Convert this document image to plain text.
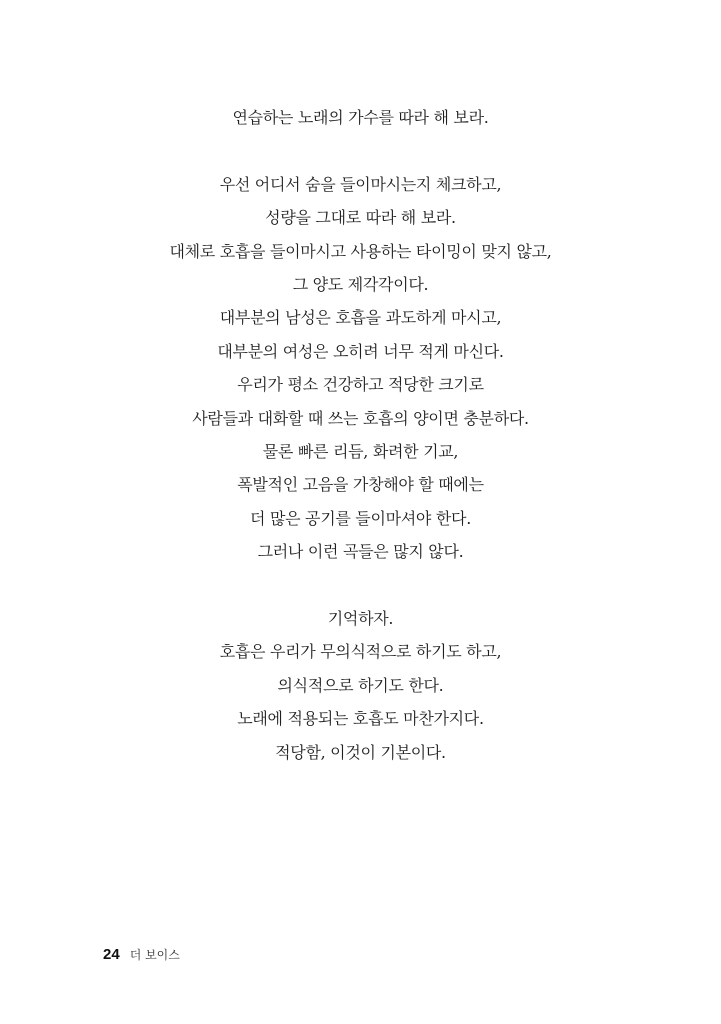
연습하는 노래의 가수를 따라 해 보라.
우선 어디서 숨을 들이마시는지 체크하고,
성량을 그대로 따라 해 보라.
대체로 호흡을 들이마시고 사용하는 타이밍이 맞지 않고,
그 양도 제각각이다.
대부분의 남성은 호흡을 과도하게 마시고,
대부분의 여성은 오히려 너무 적게 마신다.
우리가 평소 건강하고 적당한 크기로
사람들과 대화할 때 쓰는 호흡의 양이면 충분하다.
물론 빠른 리듬, 화려한 기교,
폭발적인 고음을 가창해야 할 때에는
더 많은 공기를 들이마셔야 한다.
그러나 이런 곡들은 많지 않다.
기억하자.
호흡은 우리가 무의식적으로 하기도 하고,
의식적으로 하기도 한다.
노래에 적용되는 호흡도 마찬가지다.
적당함, 이것이 기본이다.
24 더 보이스
